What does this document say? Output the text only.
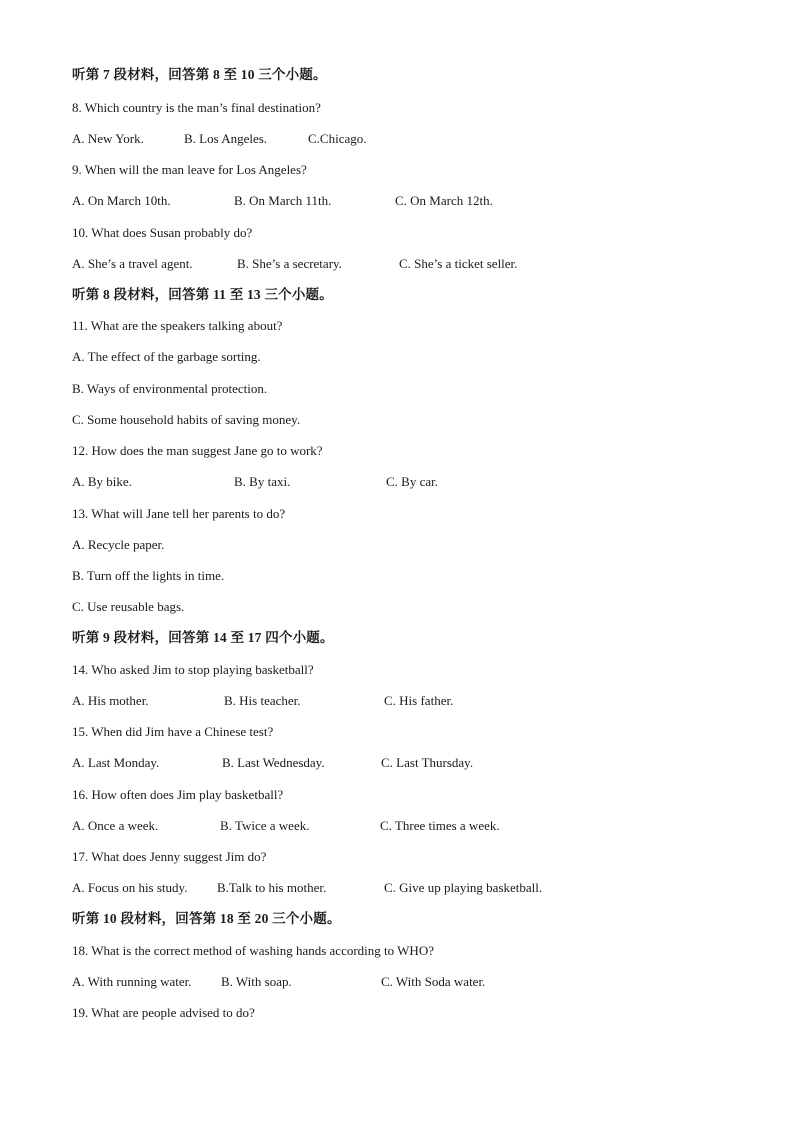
听第 7 段材料，回答第 8 至 10 三个小题。
8. Which country is the man’s final destination?
A. New York.	B. Los Angeles.	C.Chicago.
9. When will the man leave for Los Angeles?
A. On March 10th.	B. On March 11th.	C. On March 12th.
10. What does Susan probably do?
A. She’s a travel agent.	B. She’s a secretary.	C. She’s a ticket seller.
听第 8 段材料，回答第 11 至 13 三个小题。
11. What are the speakers talking about?
A. The effect of the garbage sorting.
B. Ways of environmental protection.
C. Some household habits of saving money.
12. How does the man suggest Jane go to work?
A. By bike.	B. By taxi.	C. By car.
13. What will Jane tell her parents to do?
A. Recycle paper.
B. Turn off the lights in time.
C. Use reusable bags.
听第 9 段材料，回答第 14 至 17 四个小题。
14. Who asked Jim to stop playing basketball?
A. His mother.	B. His teacher.	C. His father.
15. When did Jim have a Chinese test?
A. Last Monday.	B. Last Wednesday.	C. Last Thursday.
16. How often does Jim play basketball?
A. Once a week.	B. Twice a week.	C. Three times a week.
17. What does Jenny suggest Jim do?
A. Focus on his study. B.Talk to his mother.	C. Give up playing basketball.
听第 10 段材料，回答第 18 至 20 三个小题。
18. What is the correct method of washing hands according to WHO?
A. With running water. B. With soap.	C. With Soda water.
19. What are people advised to do?
